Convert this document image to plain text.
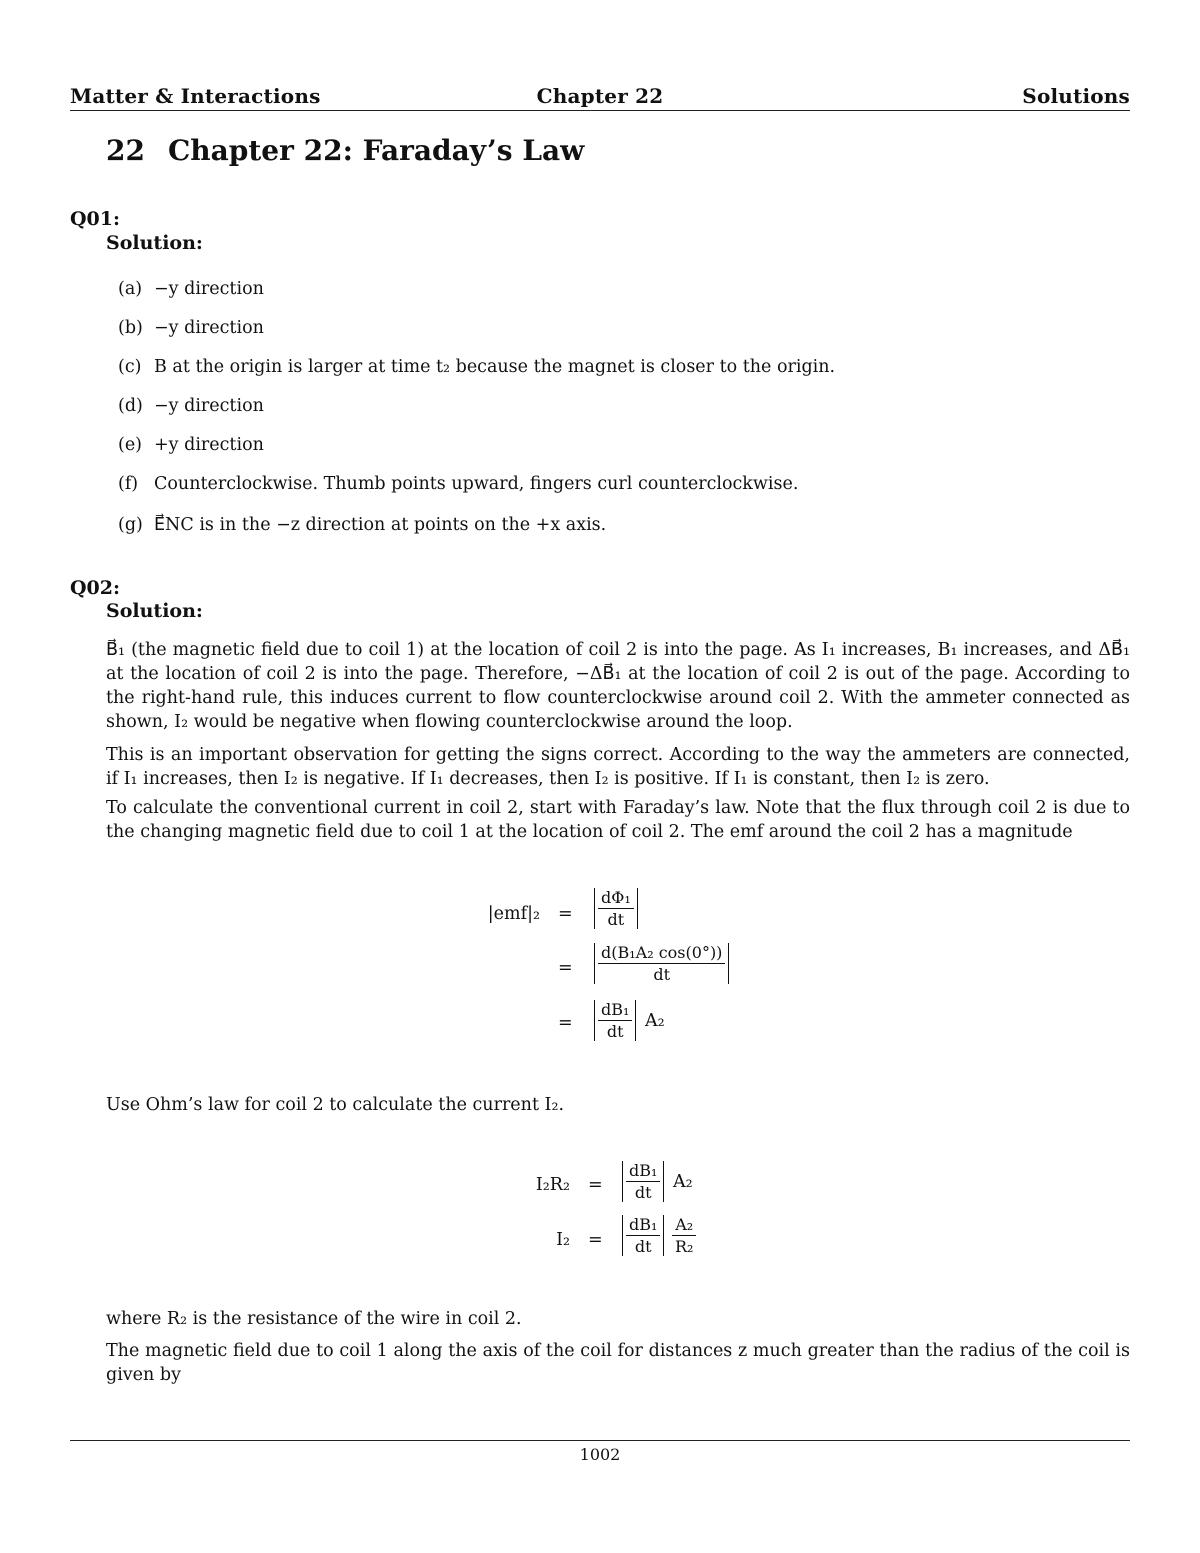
Matter & Interactions	Chapter 22	Solutions
22 Chapter 22: Faraday’s Law
Q01:
Solution:
(a) −y direction
(b) −y direction
(c) B at the origin is larger at time t₂ because the magnet is closer to the origin.
(d) −y direction
(e) +y direction
(f) Counterclockwise. Thumb points upward, fingers curl counterclockwise.
(g) E⃗NC is in the −z direction at points on the +x axis.
Q02:
Solution:
B⃗₁ (the magnetic field due to coil 1) at the location of coil 2 is into the page. As I₁ increases, B₁ increases, and ΔB⃗₁ at the location of coil 2 is into the page. Therefore, −ΔB⃗₁ at the location of coil 2 is out of the page. According to the right-hand rule, this induces current to flow counterclockwise around coil 2. With the ammeter connected as shown, I₂ would be negative when flowing counterclockwise around the loop.
This is an important observation for getting the signs correct. According to the way the ammeters are connected, if I₁ increases, then I₂ is negative. If I₁ decreases, then I₂ is positive. If I₁ is constant, then I₂ is zero.
To calculate the conventional current in coil 2, start with Faraday’s law. Note that the flux through coil 2 is due to the changing magnetic field due to coil 1 at the location of coil 2. The emf around the coil 2 has a magnitude
$|emf|_2 = \frac{\text{dΦ₁}}{dt}$
= $\frac{\text{d(B₁A₂ cos(0°))}}{dt}$
= $\frac{\text{dB₁}}{dt} A_2$
Use Ohm’s law for coil 2 to calculate the current I₂.
$I_2R_2 = \frac{\text{dB₁}}{dt} A_2$
$I_2 = \frac{\text{dB₁}}{dt}$
$\frac{\text{A₂}}{\text{R₂}}$
where R₂ is the resistance of the wire in coil 2.
The magnetic field due to coil 1 along the axis of the coil for distances z much greater than the radius of the coil is given by
1002
